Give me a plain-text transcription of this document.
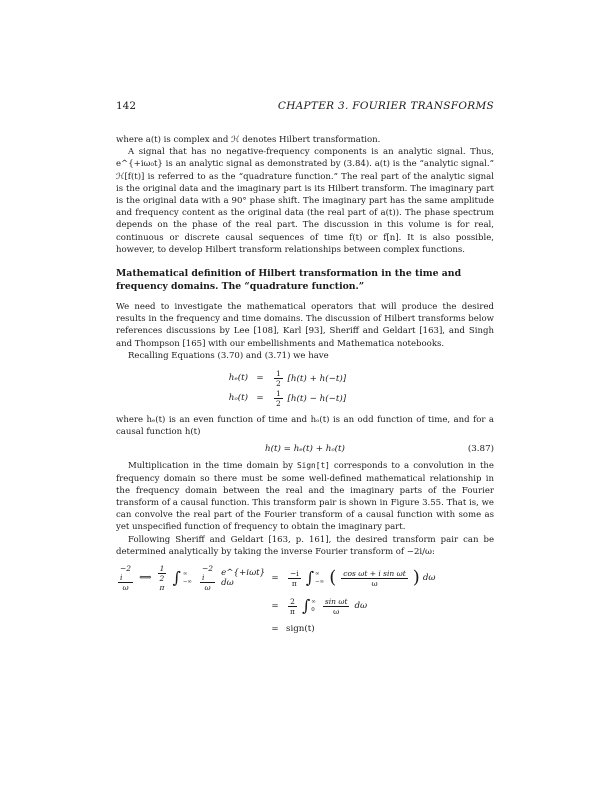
142	CHAPTER 3. FOURIER TRANSFORMS

where a(t) is complex and ℋ denotes Hilbert transformation.

A signal that has no negative-frequency components is an analytic signal. Thus, e^{+iω₀t} is an analytic signal as demonstrated by (3.84). a(t) is the “analytic signal.” ℋ[f(t)] is referred to as the “quadrature function.” The real part of the analytic signal is the original data and the imaginary part is its Hilbert transform. The imaginary part is the original data with a 90° phase shift. The imaginary part has the same amplitude and frequency content as the original data (the real part of a(t)). The phase spectrum depends on the phase of the real part. The discussion in this volume is for real, continuous or discrete causal sequences of time f(t) or f[n]. It is also possible, however, to develop Hilbert transform relationships between complex functions.

Mathematical definition of Hilbert transformation in the time and frequency domains. The “quadrature function.”

We need to investigate the mathematical operators that will produce the desired results in the frequency and time domains. The discussion of Hilbert transforms below references discussions by Lee [108], Karl [93], Sheriff and Geldart [163], and Singh and Thompson [165] with our embellishments and Mathematica notebooks.

Recalling Equations (3.70) and (3.71) we have

hₑ(t) =	$\frac{1}{2} [h(t) + h(-t)]$
hₒ(t) =	$\frac{1}{2} [h(t) - h(-t)]$

where hₑ(t) is an even function of time and hₒ(t) is an odd function of time, and for a causal function h(t)

h(t) = hₑ(t) + hₒ(t)	(3.87)

Multiplication in the time domain by Sign[t] corresponds to a convolution in the frequency domain so there must be some well-defined mathematical relationship in the frequency domain between the real and the imaginary parts of the Fourier transform of a causal function. This transform pair is shown in Figure 3.55. That is, we can convolve the real part of the Fourier transform of a causal function with some as yet unspecified function of frequency to obtain the imaginary part.

Following Sheriff and Geldart [163, p. 161], the desired transform pair can be determined analytically by taking the inverse Fourier transform of −2i/ω:

$\frac{-2 i}{\omega}$ ⟺ $\frac{1}{2 \pi}$ ∫ ∞
−∞ $\frac{-2 i}{\omega}$ e^{+iωt} dω	=	$\frac{-i}{\pi}$ ∫ ∞
−∞ ( $\frac{\text{cos ωt + i sin ωt}}{\omega}$ ) dω
=	$\frac{2}{\pi}$ ∫ ∞
$0 \frac{\text{sin ωt}}{\omega}$ dω
= sign(t)
